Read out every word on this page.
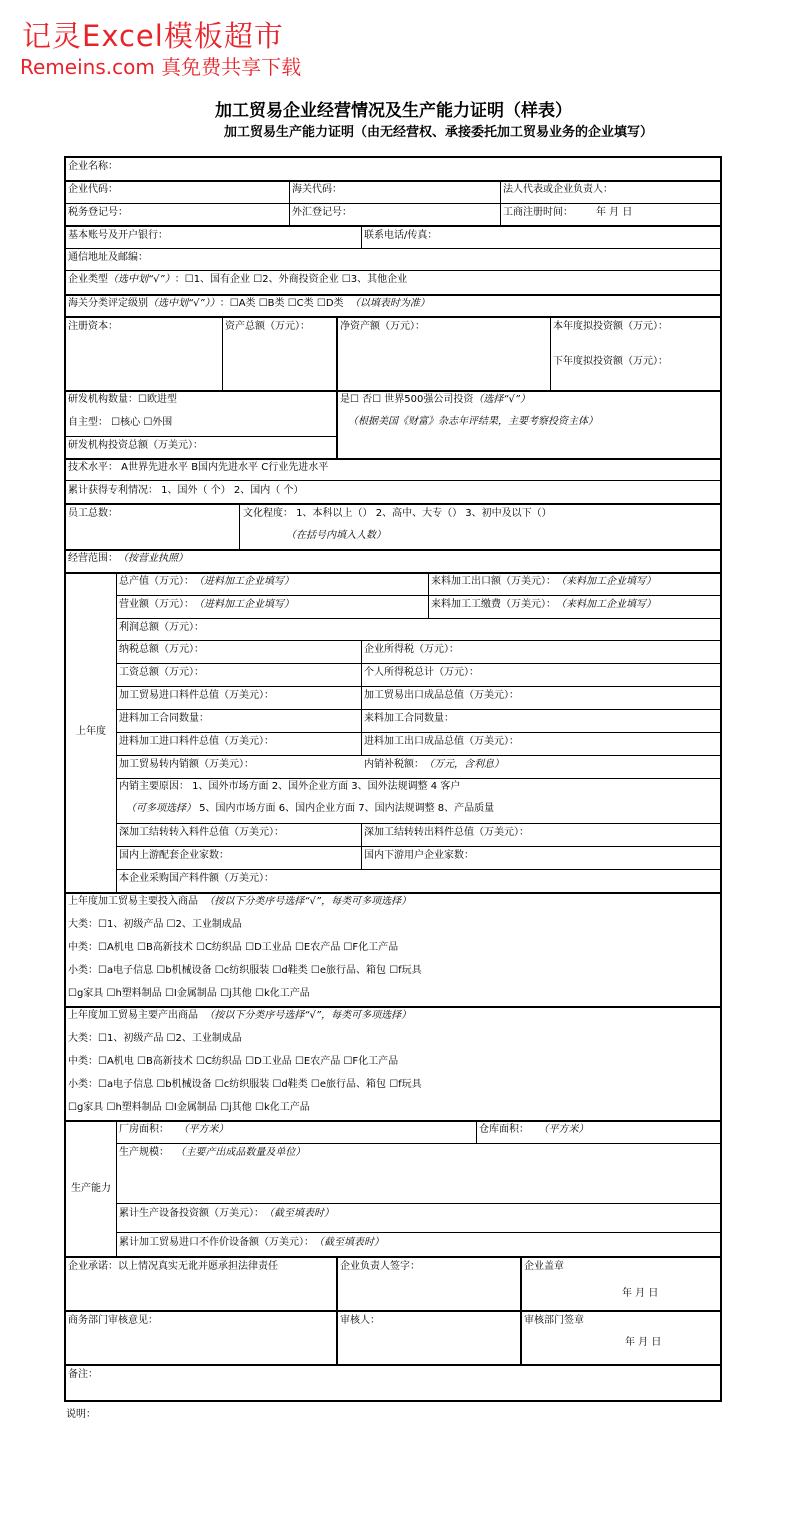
记灵Excel模板超市
Remeins.com 真免费共享下载
加工贸易企业经营情况及生产能力证明（样表）
加工贸易生产能力证明（由无经营权、承接委托加工贸易业务的企业填写）
企业名称：
企业代码：	海关代码：	法人代表或企业负责人：
税务登记号：	外汇登记号：	工商注册时间： 年 月 日
基本账号及开户银行：	联系电话/传真：
通信地址及邮编：
企业类型（选中划“√”）：☐1、国有企业 ☐2、外商投资企业 ☐3、其他企业
海关分类评定级别（选中划“√”））：☐A类 ☐B类 ☐C类 ☐D类 （以填表时为准）
注册资本：	资产总额（万元）：	净资产额（万元）：	本年度拟投资额（万元）：
下年度拟投资额（万元）：
研发机构数量：☐欧进型
自主型： ☐核心 ☐外围
研发机构投资总额（万美元）：
是☐ 否☐ 世界500强公司投资（选择“√”）
（根据美国《财富》杂志年评结果，主要考察投资主体）
技术水平： A世界先进水平 B国内先进水平 C行业先进水平
累计获得专利情况： 1、国外（ 个） 2、国内（ 个）
员工总数：	文化程度： 1、本科以上（） 2、高中、大专（） 3、初中及以下（）
（在括号内填入人数）
经营范围：（按营业执照）
上年度
总产值（万元）：（进料加工企业填写）	来料加工出口额（万美元）：（来料加工企业填写）
营业额（万元）：（进料加工企业填写）	来料加工工缴费（万美元）：（来料加工企业填写）
利润总额（万元）：
纳税总额（万元）：	企业所得税（万元）：
工资总额（万元）：	个人所得税总计（万元）：
加工贸易进口料件总值（万美元）：	加工贸易出口成品总值（万美元）：
进料加工合同数量：	来料加工合同数量：
进料加工进口料件总值（万美元）：	进料加工出口成品总值（万美元）：
加工贸易转内销额（万美元）：	内销补税额：（万元，含利息）
内销主要原因： 1、国外市场方面 2、国外企业方面 3、国外法规调整 4 客户
（可多项选择） 5、国内市场方面 6、国内企业方面 7、国内法规调整 8、产品质量
深加工结转转入料件总值（万美元）：	深加工结转转出料件总值（万美元）：
国内上游配套企业家数：	国内下游用户企业家数：
本企业采购国产料件额（万美元）：
上年度加工贸易主要投入商品 （按以下分类序号选择“√”，每类可多项选择）
大类：☐1、初级产品 ☐2、工业制成品
中类：☐A机电 ☐B高新技术 ☐C纺织品 ☐D工业品 ☐E农产品 ☐F化工产品
小类：☐a电子信息 ☐b机械设备 ☐c纺织服装 ☐d鞋类 ☐e旅行品、箱包 ☐f玩具
☐g家具 ☐h塑料制品 ☐I金属制品 ☐j其他 ☐k化工产品
上年度加工贸易主要产出商品 （按以下分类序号选择“√”，每类可多项选择）
大类：☐1、初级产品 ☐2、工业制成品
中类：☐A机电 ☐B高新技术 ☐C纺织品 ☐D工业品 ☐E农产品 ☐F化工产品
小类：☐a电子信息 ☐b机械设备 ☐c纺织服装 ☐d鞋类 ☐e旅行品、箱包 ☐f玩具
☐g家具 ☐h塑料制品 ☐I金属制品 ☐j其他 ☐k化工产品
生产能力
厂房面积： （平方米）	仓库面积： （平方米）
生产规模： （主要产出成品数量及单位）
累计生产设备投资额（万美元）：（截至填表时）
累计加工贸易进口不作价设备额（万美元）：（截至填表时）
企业承诺：以上情况真实无讹并愿承担法律责任	企业负责人签字：	企业盖章
年 月 日
商务部门审核意见：	审核人：	审核部门签章
年 月 日
备注：
说明：
